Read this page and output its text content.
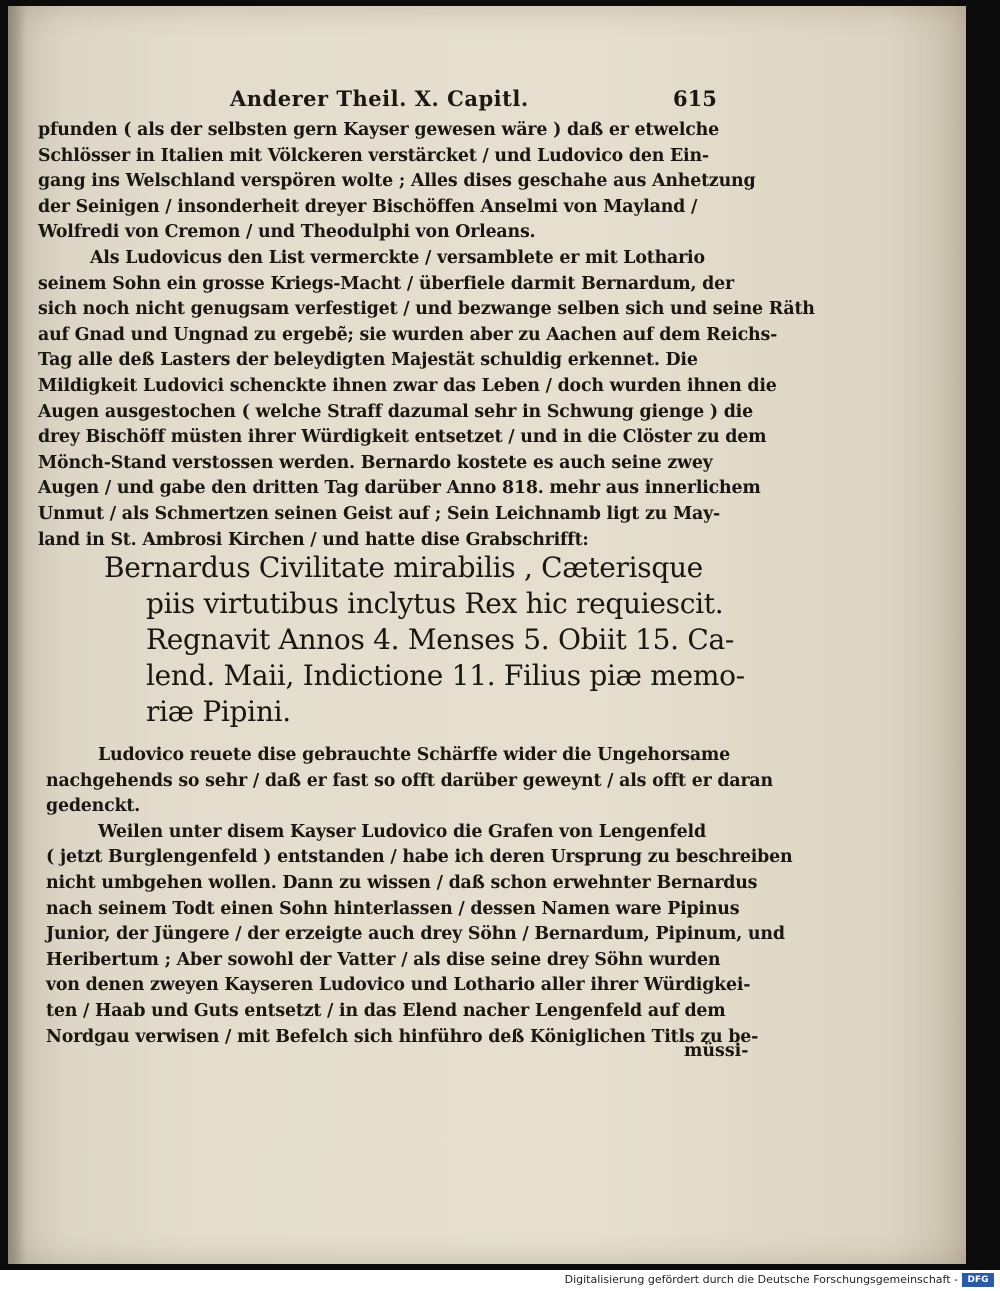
Anderer Theil. X. Capitl.	615
pfunden ( als der selbsten gern Kayser gewesen wäre ) daß er etwelche
Schlösser in Italien mit Völckeren verstärcket / und Ludovico den Ein-
gang ins Welschland verspören wolte ; Alles dises geschahe aus Anhetzung
der Seinigen / insonderheit dreyer Bischöffen Anselmi von Mayland /
Wolfredi von Cremon / und Theodulphi von Orleans.
Als Ludovicus den List vermerckte / versamblete er mit Lothario
seinem Sohn ein grosse Kriegs-Macht / überfiele darmit Bernardum, der
sich noch nicht genugsam verfestiget / und bezwange selben sich und seine Räth
auf Gnad und Ungnad zu ergebẽ; sie wurden aber zu Aachen auf dem Reichs-
Tag alle deß Lasters der beleydigten Majestät schuldig erkennet. Die
Mildigkeit Ludovici schenckte ihnen zwar das Leben / doch wurden ihnen die
Augen ausgestochen ( welche Straff dazumal sehr in Schwung gienge ) die
drey Bischöff müsten ihrer Würdigkeit entsetzet / und in die Clöster zu dem
Mönch-Stand verstossen werden. Bernardo kostete es auch seine zwey
Augen / und gabe den dritten Tag darüber Anno 818. mehr aus innerlichem
Unmut / als Schmertzen seinen Geist auf ; Sein Leichnamb ligt zu May-
land in St. Ambrosi Kirchen / und hatte dise Grabschrifft:
Bernardus Civilitate mirabilis , Cæterisque
piis virtutibus inclytus Rex hic requiescit.
Regnavit Annos 4. Menses 5. Obiit 15. Ca-
lend. Maii, Indictione 11. Filius piæ memo-
riæ Pipini.
Ludovico reuete dise gebrauchte Schärffe wider die Ungehorsame
nachgehends so sehr / daß er fast so offt darüber geweynt / als offt er daran
gedenckt.
Weilen unter disem Kayser Ludovico die Grafen von Lengenfeld
( jetzt Burglengenfeld ) entstanden / habe ich deren Ursprung zu beschreiben
nicht umbgehen wollen. Dann zu wissen / daß schon erwehnter Bernardus
nach seinem Todt einen Sohn hinterlassen / dessen Namen ware Pipinus
Junior, der Jüngere / der erzeigte auch drey Söhn / Bernardum, Pipinum, und
Heribertum ; Aber sowohl der Vatter / als dise seine drey Söhn wurden
von denen zweyen Kayseren Ludovico und Lothario aller ihrer Würdigkei-
ten / Haab und Guts entsetzt / in das Elend nacher Lengenfeld auf dem
Nordgau verwisen / mit Befelch sich hinführo deß Königlichen Titls zu be-
müssi-
Digitalisierung gefördert durch die Deutsche Forschungsgemeinschaft -	DFG
